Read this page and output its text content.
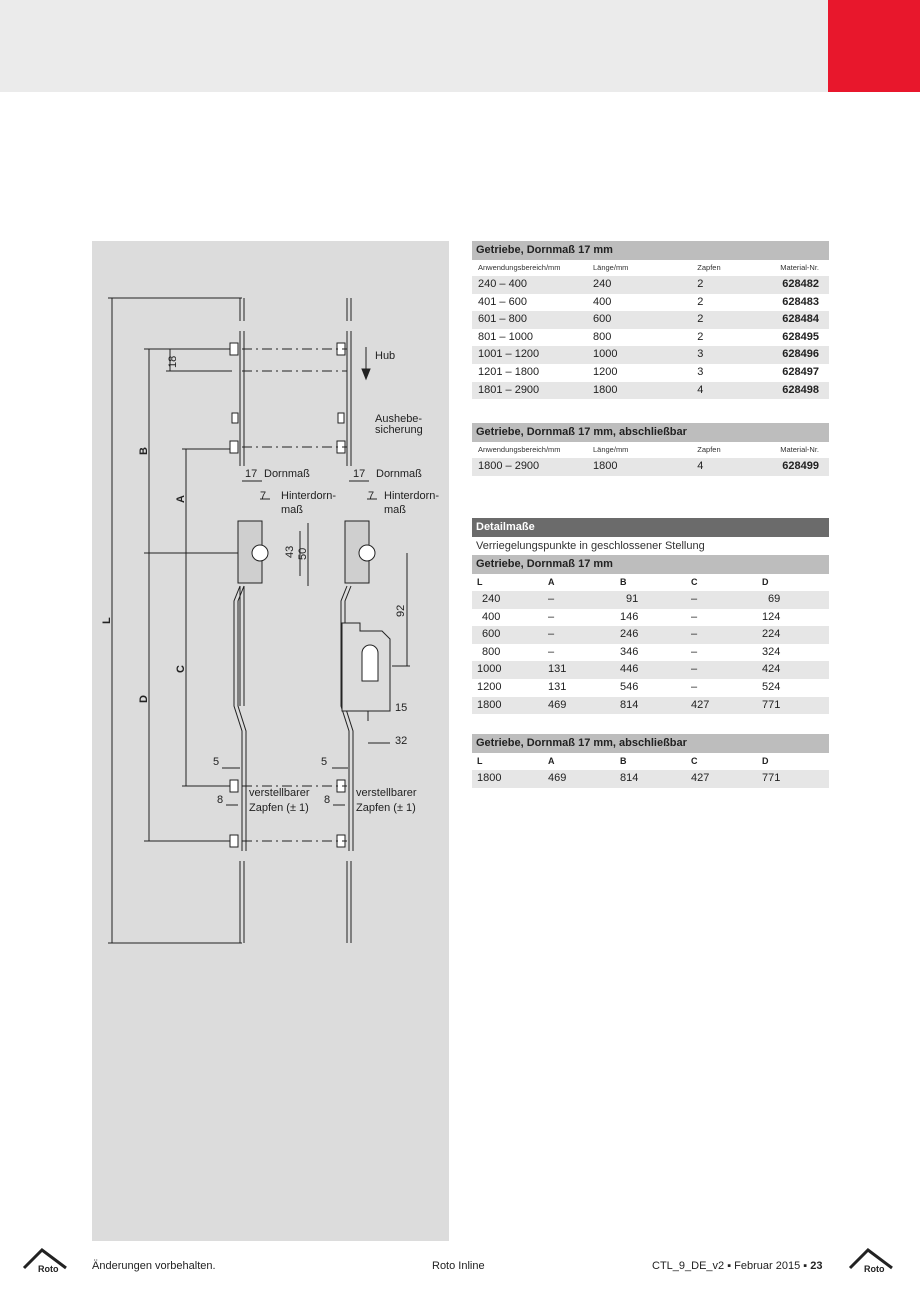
Hub
Aushebe-
sicherung
17 Dornmaß	17 Dornmaß
7 Hinterdorn-
maß
7 Hinterdorn-
maß
43 50
92
15
32
18
5	5
8	8
verstellbarer
Zapfen (± 1)
verstellbarer
Zapfen (± 1)
L
B
D
A
C
Getriebe, Dornmaß 17 mm
Anwendungsbereich/mm	Länge/mm	Zapfen	Material-Nr.
240 – 400	240	2	628482
401 – 600	400	2	628483
601 – 800	600	2	628484
801 – 1000	800	2	628495
1001 – 1200	1000	3	628496
1201 – 1800	1200	3	628497
1801 – 2900	1800	4	628498
Getriebe, Dornmaß 17 mm, abschließbar
Anwendungsbereich/mm	Länge/mm	Zapfen	Material-Nr.
1800 – 2900	1800	4	628499
Detailmaße
Verriegelungspunkte in geschlossener Stellung
Getriebe, Dornmaß 17 mm
L	A	B	C	D
240	–	91	–	69
400	–	146	–	124
600	–	246	–	224
800	–	346	–	324
1000	131	446	–	424
1200	131	546	–	524
1800	469	814	427	771
Getriebe, Dornmaß 17 mm, abschließbar
L	A	B	C	D
1800	469	814	427	771
Roto	Änderungen vorbehalten.	Roto Inline	CTL_9_DE_v2 ▪ Februar 2015 ▪ 23	Roto
